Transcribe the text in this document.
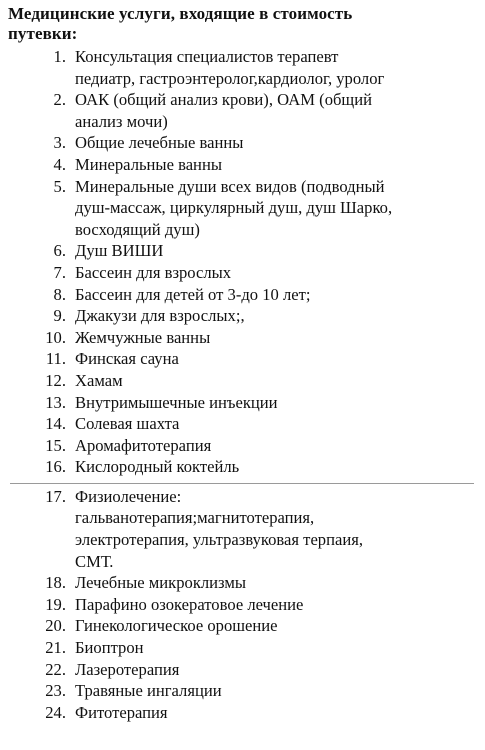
Медицинские услуги, входящие в стоимость
путевки:
1. Консультация специалистов терапевт
педиатр, гастроэнтеролог,кардиолог, уролог
2. ОАК (общий анализ крови), ОАМ (общий
анализ мочи)
3. Общие лечебные ванны
4. Минеральные ванны
5. Минеральные души всех видов (подводный
душ-массаж, циркулярный душ, душ Шарко,
восходящий душ)
6. Душ ВИШИ
7. Бассеин для взрослых
8. Бассеин для детей от 3-до 10 лет;
9. Джакузи для взрослых;,
10. Жемчужные ванны
11. Финская сауна
12. Хамам
13. Внутримышечные инъекции
14. Солевая шахта
15. Аромафитотерапия
16. Кислородный коктейль
17. Физиолечение:
гальванотерапия;магнитотерапия,
электротерапия, ультразвуковая терпаия,
СМТ.
18. Лечебные микроклизмы
19. Парафино озокератовое лечение
20. Гинекологическое орошение
21. Биоптрон
22. Лазеротерапия
23. Травяные ингаляции
24. Фитотерапия
